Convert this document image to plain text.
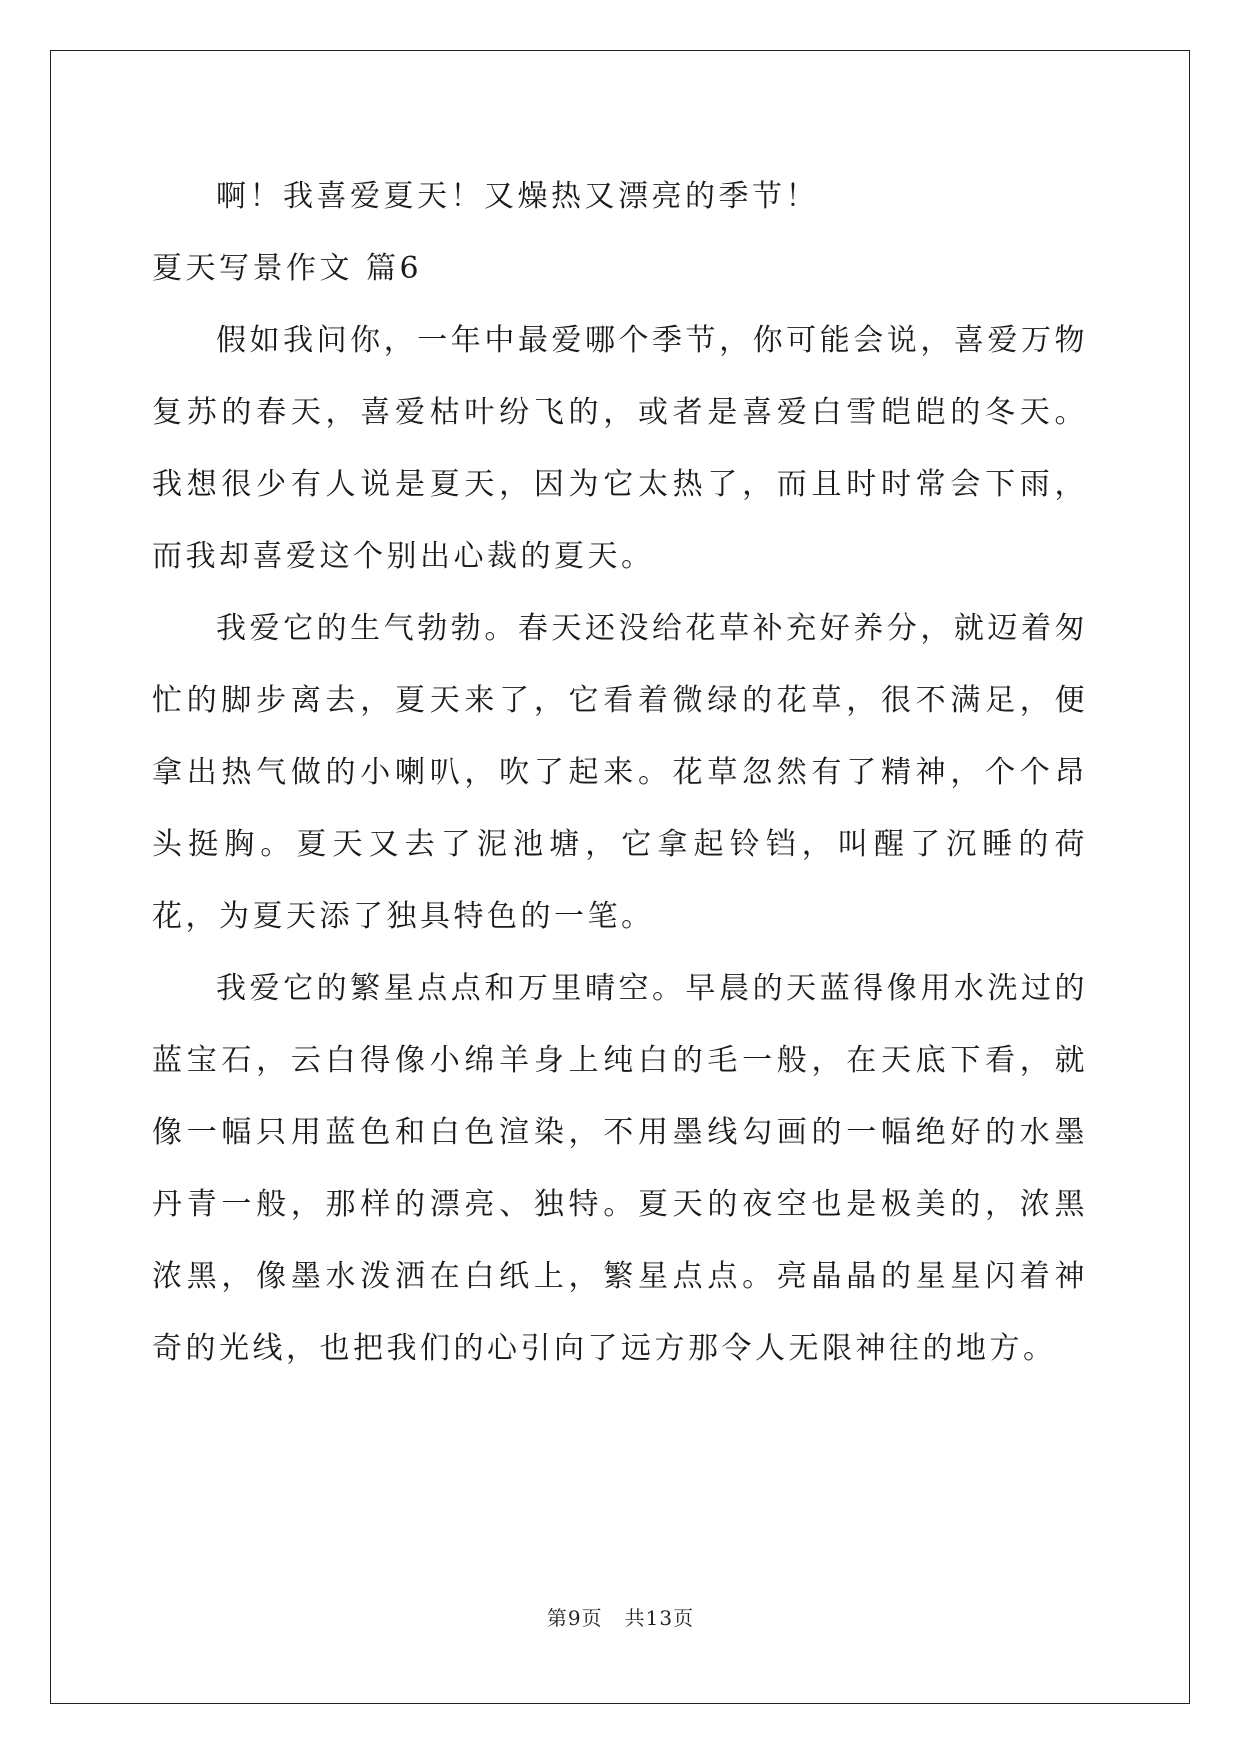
啊！我喜爱夏天！又燥热又漂亮的季节！

夏天写景作文 篇6

假如我问你，一年中最爱哪个季节，你可能会说，喜爱万物复苏的春天，喜爱枯叶纷飞的，或者是喜爱白雪皑皑的冬天。我想很少有人说是夏天，因为它太热了，而且时时常会下雨，而我却喜爱这个别出心裁的夏天。

我爱它的生气勃勃。春天还没给花草补充好养分，就迈着匆忙的脚步离去，夏天来了，它看着微绿的花草，很不满足，便拿出热气做的小喇叭，吹了起来。花草忽然有了精神，个个昂头挺胸。夏天又去了泥池塘，它拿起铃铛，叫醒了沉睡的荷花，为夏天添了独具特色的一笔。

我爱它的繁星点点和万里晴空。早晨的天蓝得像用水洗过的蓝宝石，云白得像小绵羊身上纯白的毛一般，在天底下看，就像一幅只用蓝色和白色渲染，不用墨线勾画的一幅绝好的水墨丹青一般，那样的漂亮、独特。夏天的夜空也是极美的，浓黑浓黑，像墨水泼洒在白纸上，繁星点点。亮晶晶的星星闪着神奇的光线，也把我们的心引向了远方那令人无限神往的地方。

第9页   共13页
